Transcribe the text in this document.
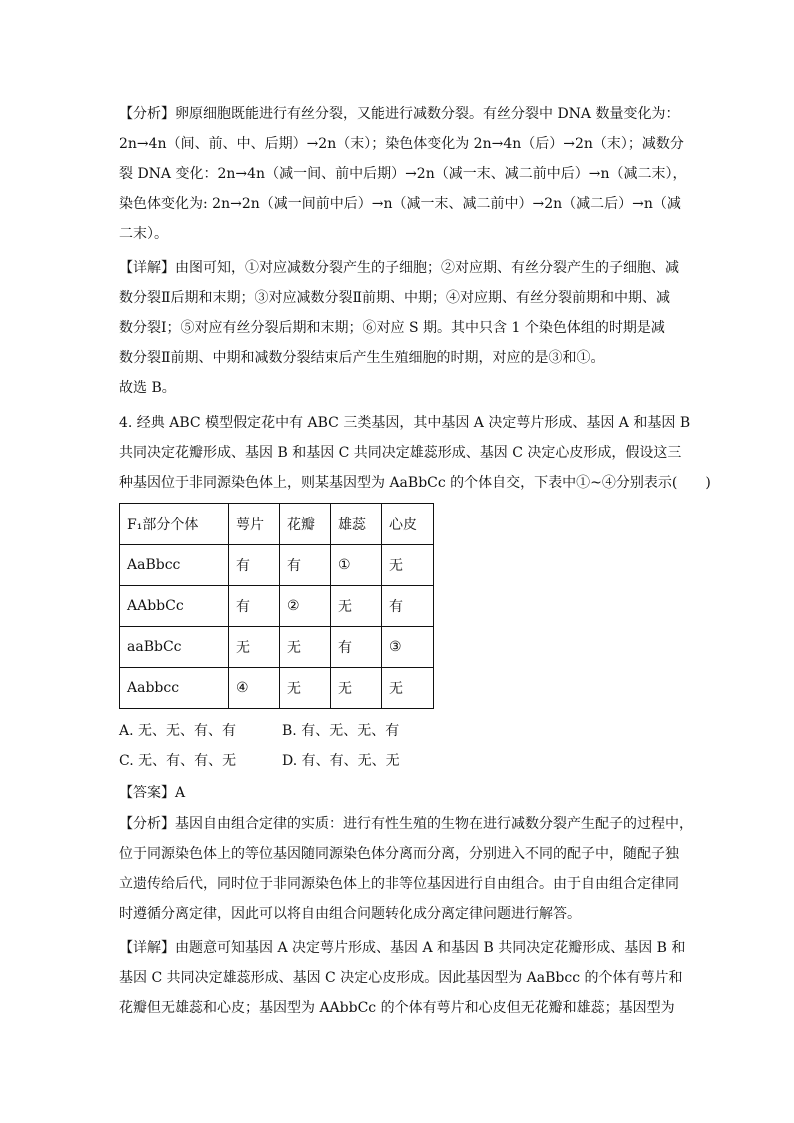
【分析】卵原细胞既能进行有丝分裂，又能进行减数分裂。有丝分裂中 DNA 数量变化为：
2n→4n（间、前、中、后期）→2n（末）；染色体变化为 2n→4n（后）→2n（末）；减数分
裂 DNA 变化：2n→4n（减一间、前中后期）→2n（减一末、减二前中后）→n（减二末），
染色体变化为: 2n→2n（减一间前中后）→n（减一末、减二前中）→2n（减二后）→n（减
二末）。
【详解】由图可知，①对应减数分裂产生的子细胞；②对应期、有丝分裂产生的子细胞、减
数分裂Ⅱ后期和末期；③对应减数分裂Ⅱ前期、中期；④对应期、有丝分裂前期和中期、减
数分裂Ⅰ；⑤对应有丝分裂后期和末期；⑥对应 S 期。其中只含 1 个染色体组的时期是减
数分裂Ⅱ前期、中期和减数分裂结束后产生生殖细胞的时期，对应的是③和①。
故选 B。
4. 经典 ABC 模型假定花中有 ABC 三类基因，其中基因 A 决定萼片形成、基因 A 和基因 B
共同决定花瓣形成、基因 B 和基因 C 共同决定雄蕊形成、基因 C 决定心皮形成，假设这三
种基因位于非同源染色体上，则某基因型为 AaBbCc 的个体自交，下表中①~④分别表示(　　)
F₁部分个体	萼片	花瓣	雄蕊	心皮
AaBbcc	有	有	①	无
AAbbCc	有	②	无	有
aaBbCc	无	无	有	③
Aabbcc	④	无	无	无
A. 无、无、有、有	B. 有、无、无、有
C. 无、有、有、无	D. 有、有、无、无
【答案】A
【分析】基因自由组合定律的实质：进行有性生殖的生物在进行减数分裂产生配子的过程中，
位于同源染色体上的等位基因随同源染色体分离而分离，分别进入不同的配子中，随配子独
立遗传给后代，同时位于非同源染色体上的非等位基因进行自由组合。由于自由组合定律同
时遵循分离定律，因此可以将自由组合问题转化成分离定律问题进行解答。
【详解】由题意可知基因 A 决定萼片形成、基因 A 和基因 B 共同决定花瓣形成、基因 B 和
基因 C 共同决定雄蕊形成、基因 C 决定心皮形成。因此基因型为 AaBbcc 的个体有萼片和
花瓣但无雄蕊和心皮；基因型为 AAbbCc 的个体有萼片和心皮但无花瓣和雄蕊；基因型为
